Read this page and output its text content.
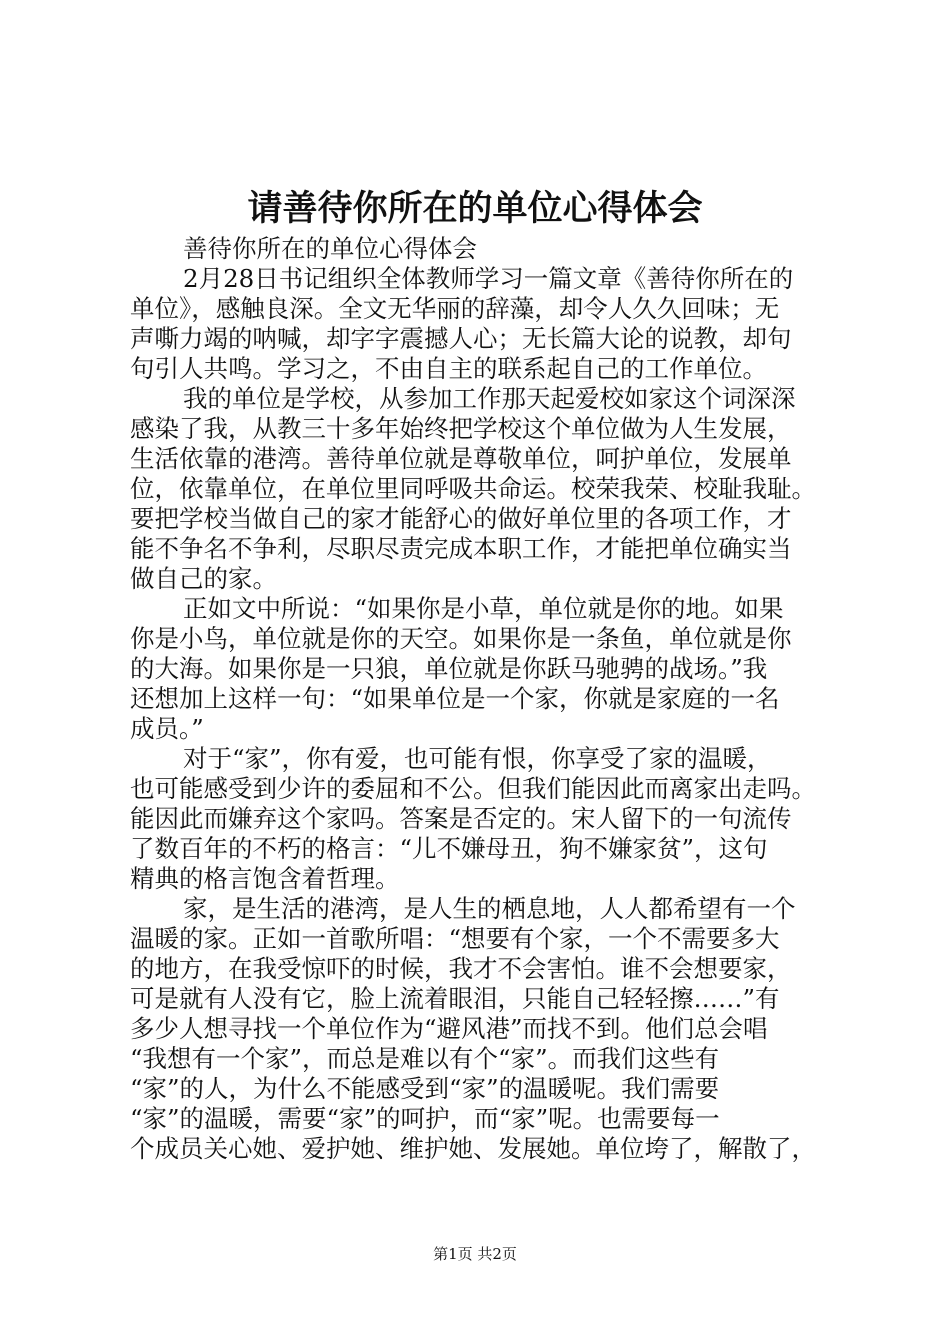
请善待你所在的单位心得体会
善待你所在的单位心得体会
2月28日书记组织全体教师学习一篇文章《善待你所在的
单位》，感触良深。全文无华丽的辞藻，却令人久久回味；无
声嘶力竭的呐喊，却字字震撼人心；无长篇大论的说教，却句
句引人共鸣。学习之，不由自主的联系起自己的工作单位。
我的单位是学校，从参加工作那天起爱校如家这个词深深
感染了我，从教三十多年始终把学校这个单位做为人生发展，
生活依靠的港湾。善待单位就是尊敬单位，呵护单位，发展单
位，依靠单位，在单位里同呼吸共命运。校荣我荣、校耻我耻。
要把学校当做自己的家才能舒心的做好单位里的各项工作，才
能不争名不争利，尽职尽责完成本职工作，才能把单位确实当
做自己的家。
正如文中所说：“如果你是小草，单位就是你的地。如果
你是小鸟，单位就是你的天空。如果你是一条鱼，单位就是你
的大海。如果你是一只狼，单位就是你跃马驰骋的战场。”我
还想加上这样一句：“如果单位是一个家，你就是家庭的一名
成员。”
对于“家”，你有爱，也可能有恨，你享受了家的温暖，
也可能感受到少许的委屈和不公。但我们能因此而离家出走吗。
能因此而嫌弃这个家吗。答案是否定的。宋人留下的一句流传
了数百年的不朽的格言：“儿不嫌母丑，狗不嫌家贫”，这句
精典的格言饱含着哲理。
家，是生活的港湾，是人生的栖息地，人人都希望有一个
温暖的家。正如一首歌所唱：“想要有个家，一个不需要多大
的地方，在我受惊吓的时候，我才不会害怕。谁不会想要家，
可是就有人没有它，脸上流着眼泪，只能自己轻轻擦……”有
多少人想寻找一个单位作为“避风港”而找不到。他们总会唱
“我想有一个家”，而总是难以有个“家”。而我们这些有
“家”的人，为什么不能感受到“家”的温暖呢。我们需要
“家”的温暖，需要“家”的呵护，而“家”呢。也需要每一
个成员关心她、爱护她、维护她、发展她。单位垮了，解散了，
第1页 共2页
